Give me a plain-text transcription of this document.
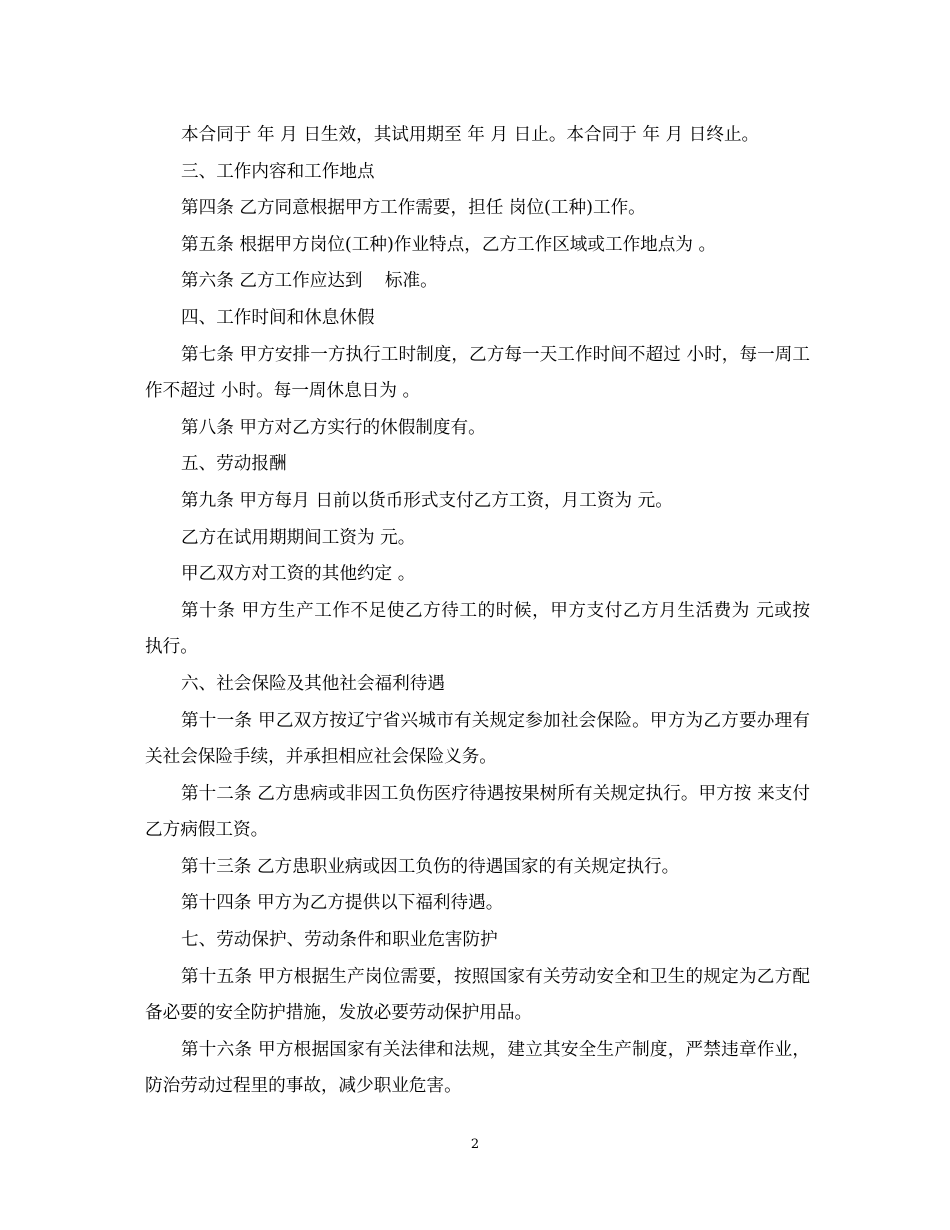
本合同于 年 月 日生效，其试用期至 年 月 日止。本合同于 年 月 日终止。

三、工作内容和工作地点

第四条 乙方同意根据甲方工作需要，担任 岗位(工种)工作。

第五条 根据甲方岗位(工种)作业特点，乙方工作区域或工作地点为 。

第六条 乙方工作应达到    标准。

四、工作时间和休息休假

第七条 甲方安排一方执行工时制度，乙方每一天工作时间不超过 小时，每一周工作不超过 小时。每一周休息日为 。

第八条 甲方对乙方实行的休假制度有。

五、劳动报酬

第九条 甲方每月 日前以货币形式支付乙方工资，月工资为 元。

乙方在试用期期间工资为 元。

甲乙双方对工资的其他约定 。

第十条 甲方生产工作不足使乙方待工的时候，甲方支付乙方月生活费为 元或按 执行。

六、社会保险及其他社会福利待遇

第十一条 甲乙双方按辽宁省兴城市有关规定参加社会保险。甲方为乙方要办理有关社会保险手续，并承担相应社会保险义务。

第十二条 乙方患病或非因工负伤医疗待遇按果树所有关规定执行。甲方按 来支付乙方病假工资。

第十三条 乙方患职业病或因工负伤的待遇国家的有关规定执行。

第十四条 甲方为乙方提供以下福利待遇。

七、劳动保护、劳动条件和职业危害防护

第十五条 甲方根据生产岗位需要，按照国家有关劳动安全和卫生的规定为乙方配备必要的安全防护措施，发放必要劳动保护用品。

第十六条 甲方根据国家有关法律和法规，建立其安全生产制度，严禁违章作业，防治劳动过程里的事故，减少职业危害。

2
